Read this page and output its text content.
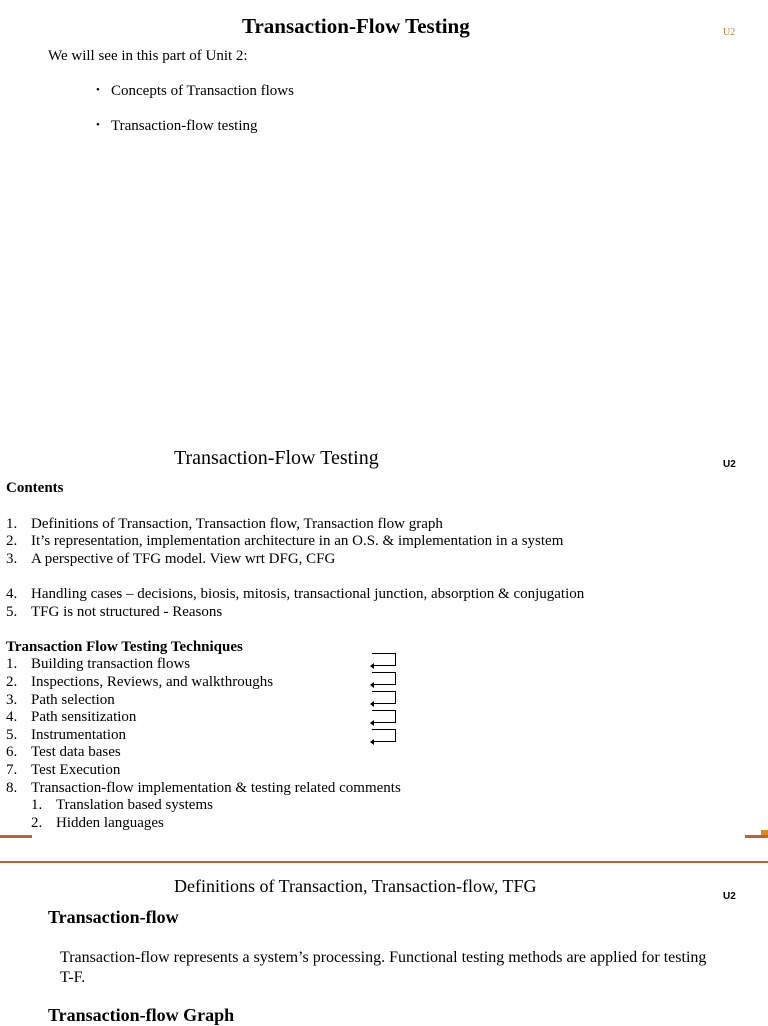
Transaction-Flow Testing	U2
We will see in this part of Unit 2:
• Concepts of Transaction flows
• Transaction-flow testing
Transaction-Flow Testing	U2
Contents
1. Definitions of Transaction, Transaction flow, Transaction flow graph
2. It’s representation, implementation architecture in an O.S. & implementation in a system
3. A perspective of TFG model. View wrt DFG, CFG
4. Handling cases – decisions, biosis, mitosis, transactional junction, absorption & conjugation
5. TFG is not structured - Reasons
Transaction Flow Testing Techniques
1. Building transaction flows
2. Inspections, Reviews, and walkthroughs
3. Path selection
4. Path sensitization
5. Instrumentation
6. Test data bases
7. Test Execution
8. Transaction-flow implementation & testing related comments
1. Translation based systems
2. Hidden languages
Definitions of Transaction, Transaction-flow, TFG
U2
Transaction-flow
Transaction-flow represents a system’s processing. Functional testing methods are applied for testing T-F.
Transaction-flow Graph
